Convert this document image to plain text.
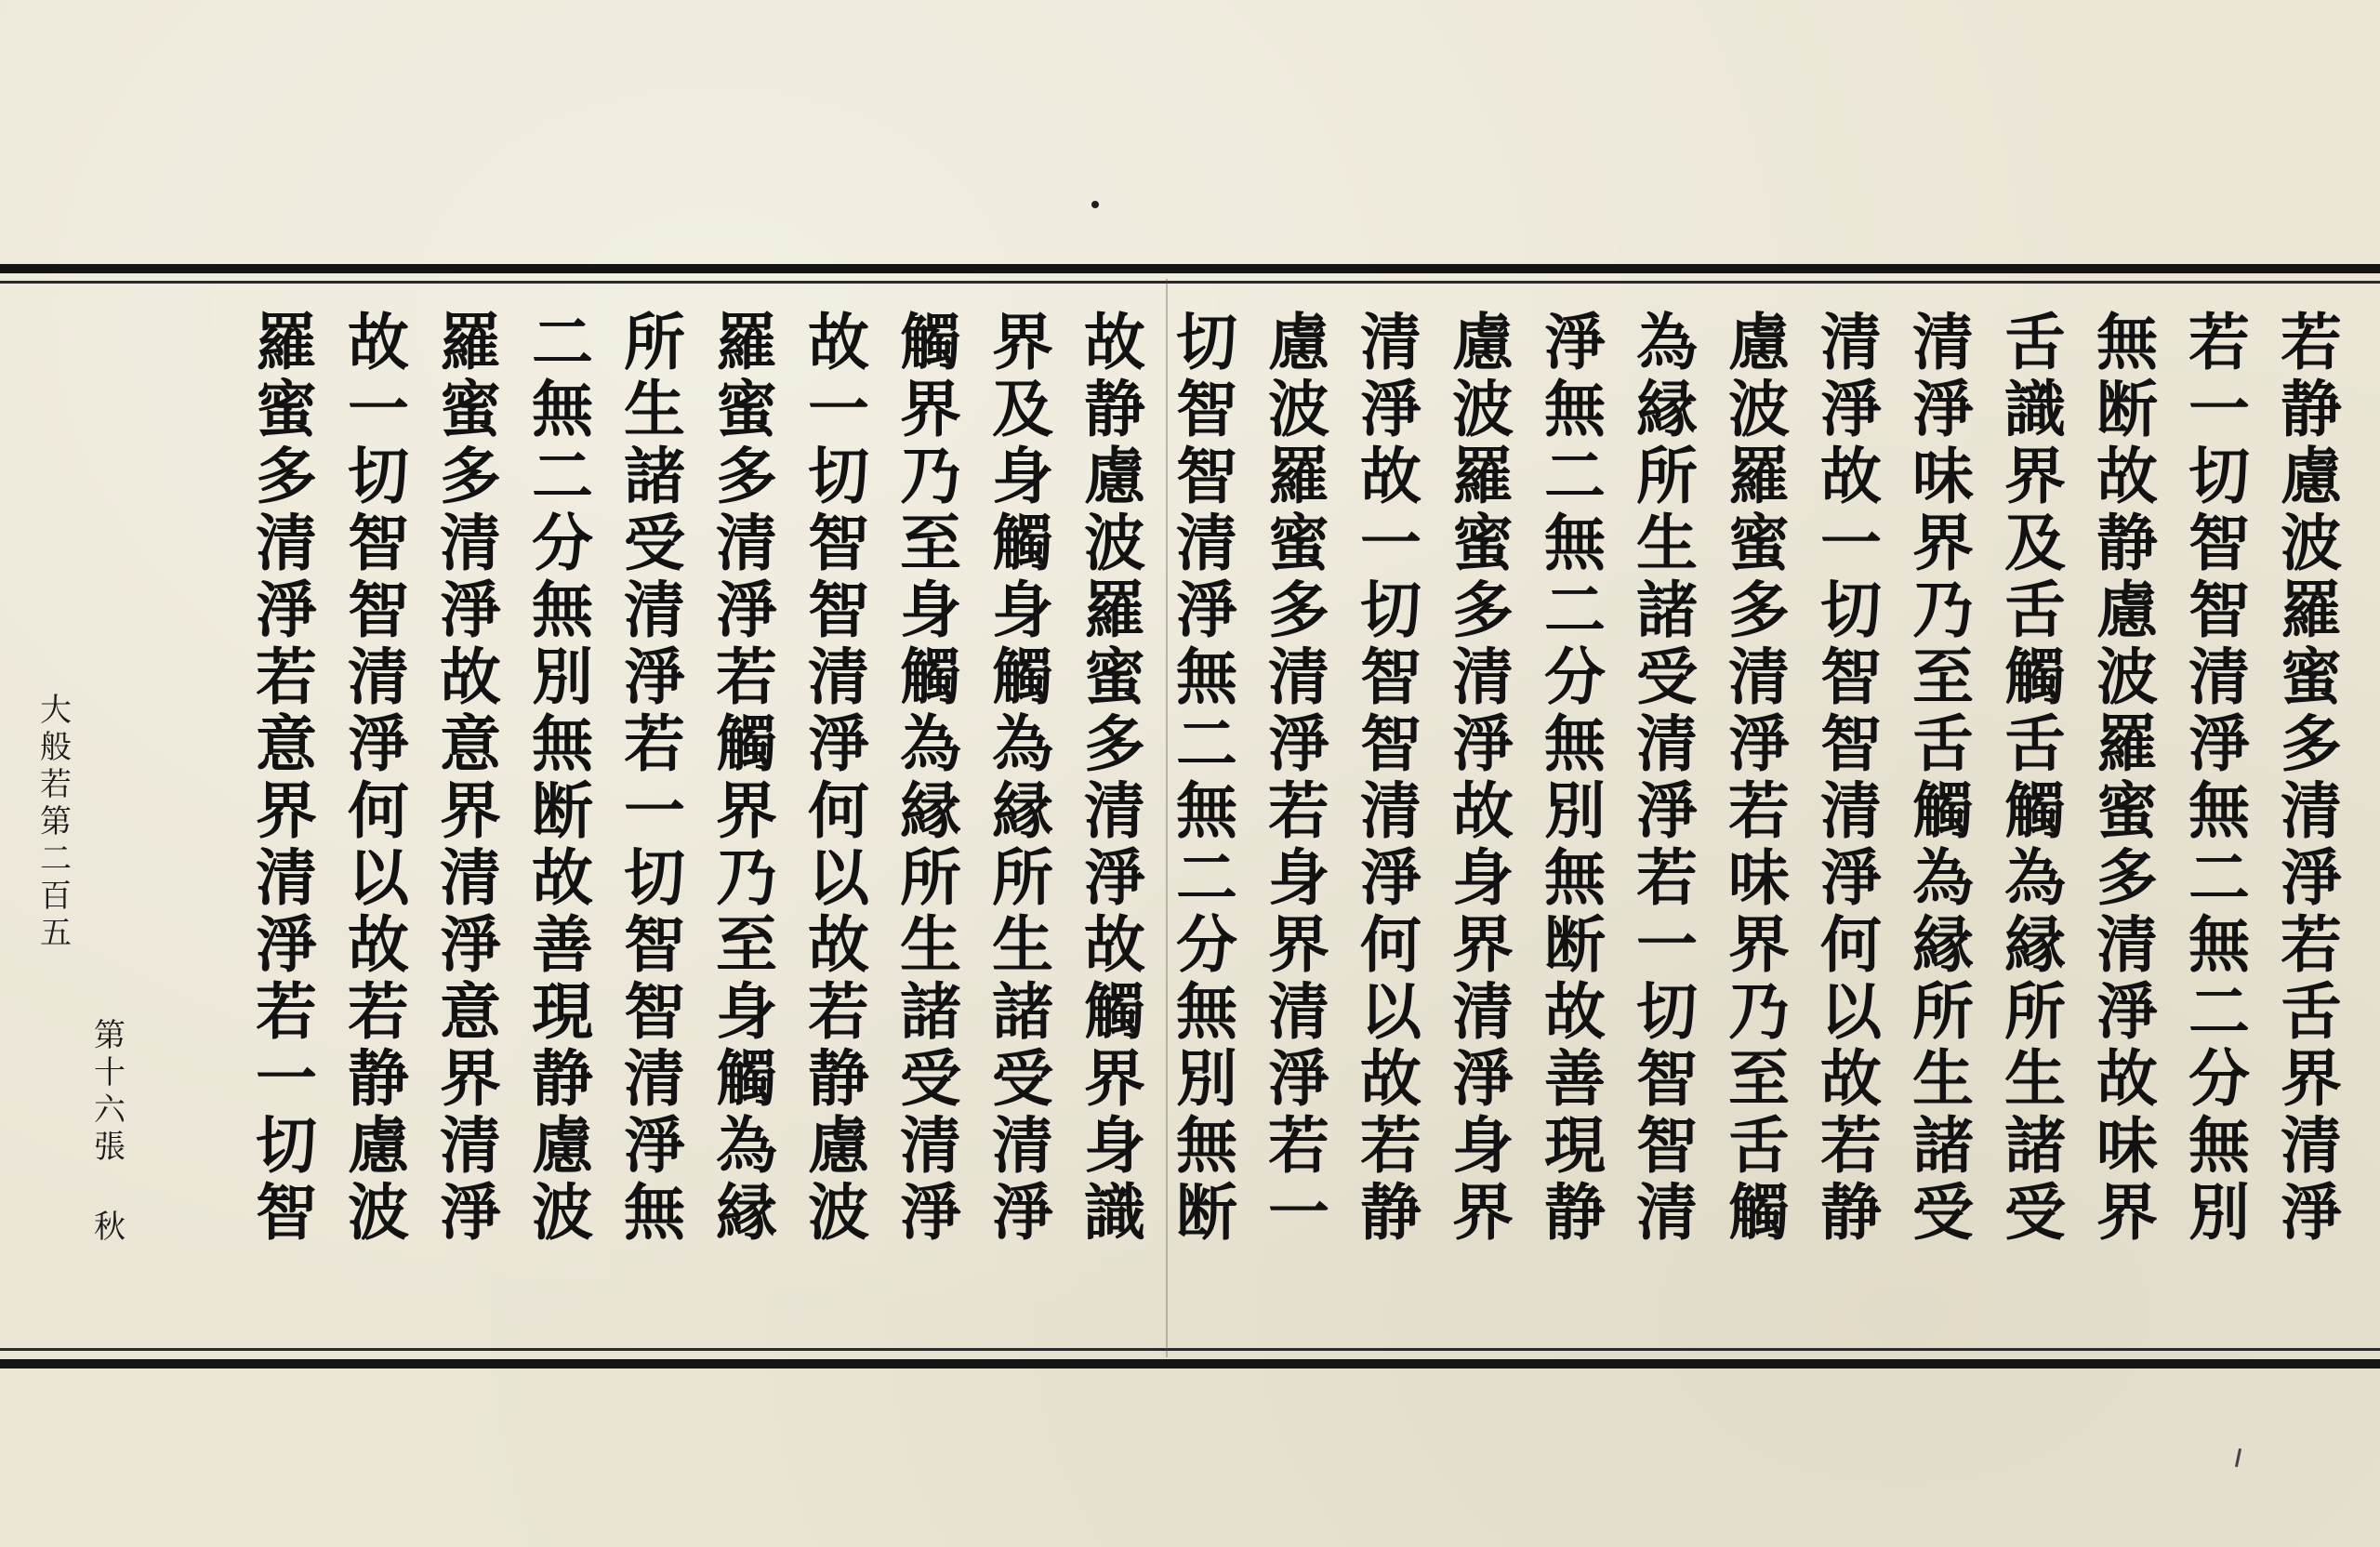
若
静
慮
波
羅
蜜
多
清
淨
若
舌
界
清
淨
若
一
切
智
智
清
淨
無
二
無
二
分
無
別
無
断
故
静
慮
波
羅
蜜
多
清
淨
故
味
界
舌
識
界
及
舌
觸
舌
觸
為
縁
所
生
諸
受
清
淨
味
界
乃
至
舌
觸
為
縁
所
生
諸
受
清
淨
故
一
切
智
智
清
淨
何
以
故
若
静
慮
波
羅
蜜
多
清
淨
若
味
界
乃
至
舌
觸
為
縁
所
生
諸
受
清
淨
若
一
切
智
智
清
淨
無
二
無
二
分
無
別
無
断
故
善
現
静
慮
波
羅
蜜
多
清
淨
故
身
界
清
淨
身
界
清
淨
故
一
切
智
智
清
淨
何
以
故
若
静
慮
波
羅
蜜
多
清
淨
若
身
界
清
淨
若
一
切
智
智
清
淨
無
二
無
二
分
無
別
無
断
故
静
慮
波
羅
蜜
多
清
淨
故
觸
界
身
識
界
及
身
觸
身
觸
為
縁
所
生
諸
受
清
淨
觸
界
乃
至
身
觸
為
縁
所
生
諸
受
清
淨
故
一
切
智
智
清
淨
何
以
故
若
静
慮
波
羅
蜜
多
清
淨
若
觸
界
乃
至
身
觸
為
縁
所
生
諸
受
清
淨
若
一
切
智
智
清
淨
無
二
無
二
分
無
別
無
断
故
善
現
静
慮
波
羅
蜜
多
清
淨
故
意
界
清
淨
意
界
清
淨
故
一
切
智
智
清
淨
何
以
故
若
静
慮
波
羅
蜜
多
清
淨
若
意
界
清
淨
若
一
切
智
大般若第二百五
第十六張
秋
